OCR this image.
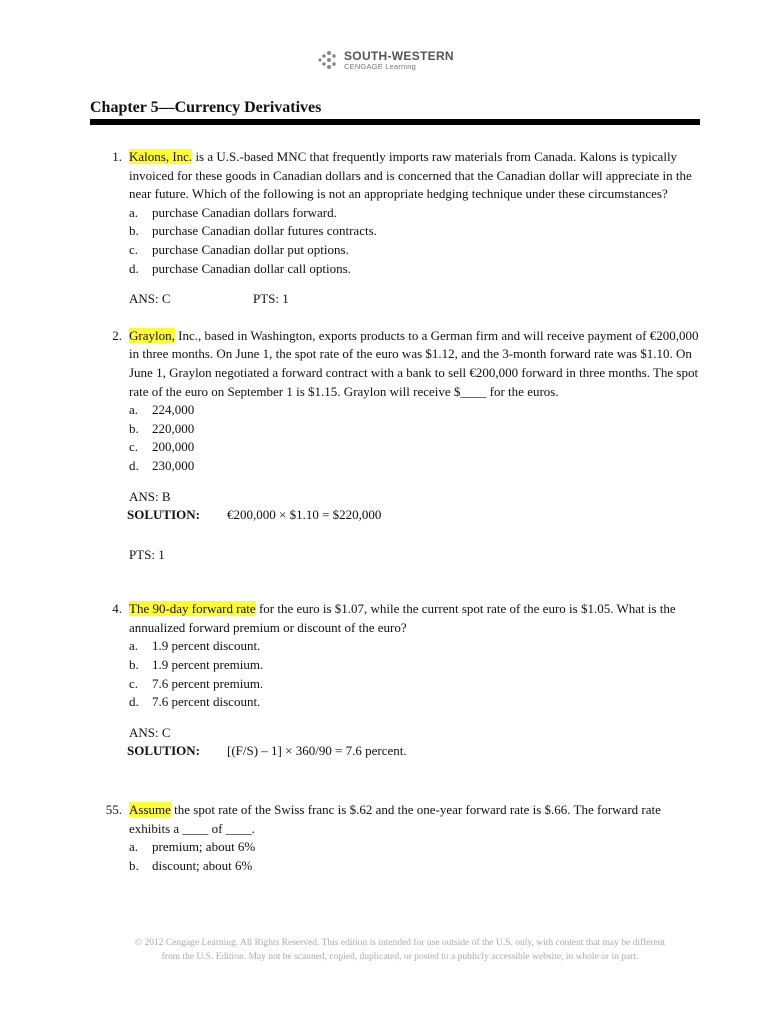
SOUTH-WESTERN
CENGAGE Learning
Chapter 5—Currency Derivatives
1. Kalons, Inc. is a U.S.-based MNC that frequently imports raw materials from Canada. Kalons is typically invoiced for these goods in Canadian dollars and is concerned that the Canadian dollar will appreciate in the near future. Which of the following is not an appropriate hedging technique under these circumstances?
a.	purchase Canadian dollars forward.
b.	purchase Canadian dollar futures contracts.
c.	purchase Canadian dollar put options.
d.	purchase Canadian dollar call options.
ANS: C	PTS: 1
2. Graylon, Inc., based in Washington, exports products to a German firm and will receive payment of €200,000 in three months. On June 1, the spot rate of the euro was $1.12, and the 3-month forward rate was $1.10. On June 1, Graylon negotiated a forward contract with a bank to sell €200,000 forward in three months. The spot rate of the euro on September 1 is $1.15. Graylon will receive $____ for the euros.
a.	224,000
b.	220,000
c.	200,000
d.	230,000
ANS: B
SOLUTION:	€200,000 × $1.10 = $220,000
PTS: 1
4. The 90-day forward rate for the euro is $1.07, while the current spot rate of the euro is $1.05. What is the annualized forward premium or discount of the euro?
a.	1.9 percent discount.
b.	1.9 percent premium.
c.	7.6 percent premium.
d.	7.6 percent discount.
ANS: C
SOLUTION:	[(F/S) – 1] × 360/90 = 7.6 percent.
55. Assume the spot rate of the Swiss franc is $.62 and the one-year forward rate is $.66. The forward rate exhibits a ____ of ____.
a.	premium; about 6%
b.	discount; about 6%
© 2012 Cengage Learning. All Rights Reserved. This edition is intended for use outside of the U.S. only, with content that may be different
from the U.S. Edition. May not be scanned, copied, duplicated, or posted to a publicly accessible website, in whole or in part.
